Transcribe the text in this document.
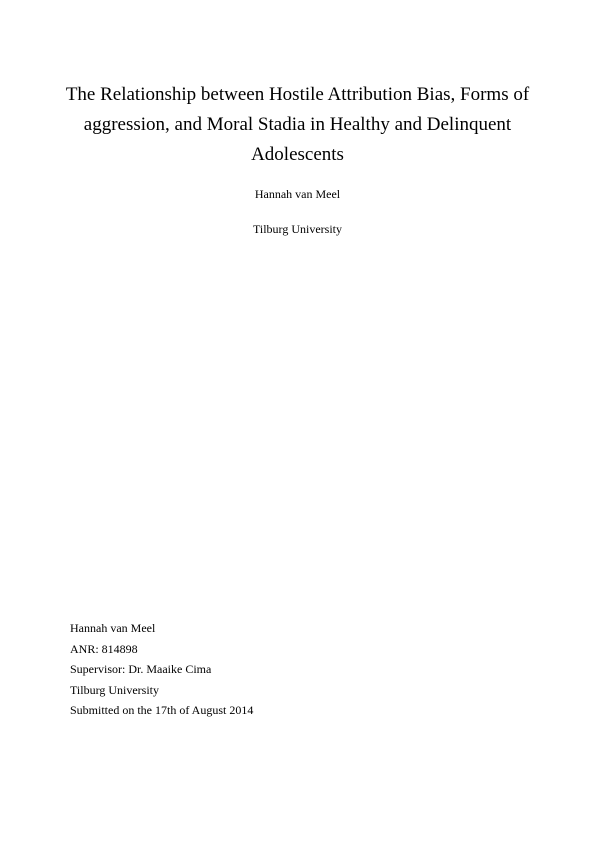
The Relationship between Hostile Attribution Bias, Forms of
aggression, and Moral Stadia in Healthy and Delinquent
Adolescents
Hannah van Meel
Tilburg University
Hannah van Meel
ANR: 814898
Supervisor: Dr. Maaike Cima
Tilburg University
Submitted on the 17th of August 2014
